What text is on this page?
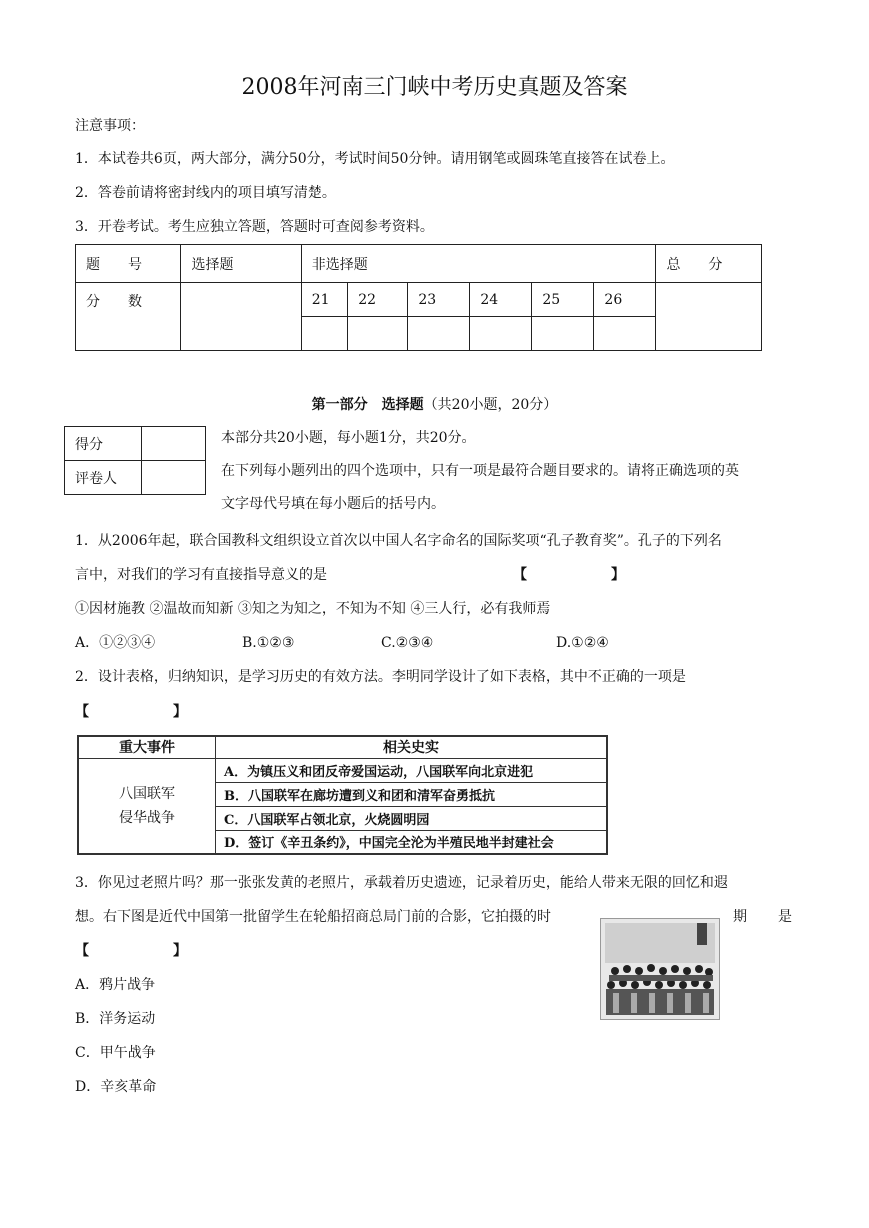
2008年河南三门峡中考历史真题及答案
注意事项：
1．本试卷共6页，两大部分，满分50分，考试时间50分钟。请用钢笔或圆珠笔直接答在试卷上。
2．答卷前请将密封线内的项目填写清楚。
3．开卷考试。考生应独立答题，答题时可查阅参考资料。
题　　号	选择题	非选择题						总　　分
分　　数		21	22	23	24	25	26	

第一部分　选择题（共20小题，20分）
得分	
评卷人	
本部分共20小题，每小题1分，共20分。
在下列每小题列出的四个选项中，只有一项是最符合题目要求的。请将正确选项的英
文字母代号填在每小题后的括号内。
1．从2006年起，联合国教科文组织设立首次以中国人名字命名的国际奖项“孔子教育奖”。孔子的下列名
言中，对我们的学习有直接指导意义的是	【　　　　　　】
①因材施教 ②温故而知新 ③知之为知之，不知为不知 ④三人行，必有我师焉
A．①②③④	B.①②③	C.②③④	D.①②④
2．设计表格，归纳知识，是学习历史的有效方法。李明同学设计了如下表格，其中不正确的一项是
【　　　　　　】
重大事件	相关史实

八国联军
侵华战争	A．为镇压义和团反帝爱国运动，八国联军向北京进犯
	B．八国联军在廊坊遭到义和团和清军奋勇抵抗
	C．八国联军占领北京，火烧圆明园
	D．签订《辛丑条约》，中国完全沦为半殖民地半封建社会
3．你见过老照片吗？那一张张发黄的老照片，承载着历史遗迹，记录着历史，能给人带来无限的回忆和遐
想。右下图是近代中国第一批留学生在轮船招商总局门前的合影，它拍摄的时	期 是
【　　　　　　】
A．鸦片战争
B．洋务运动
C．甲午战争
D．辛亥革命
